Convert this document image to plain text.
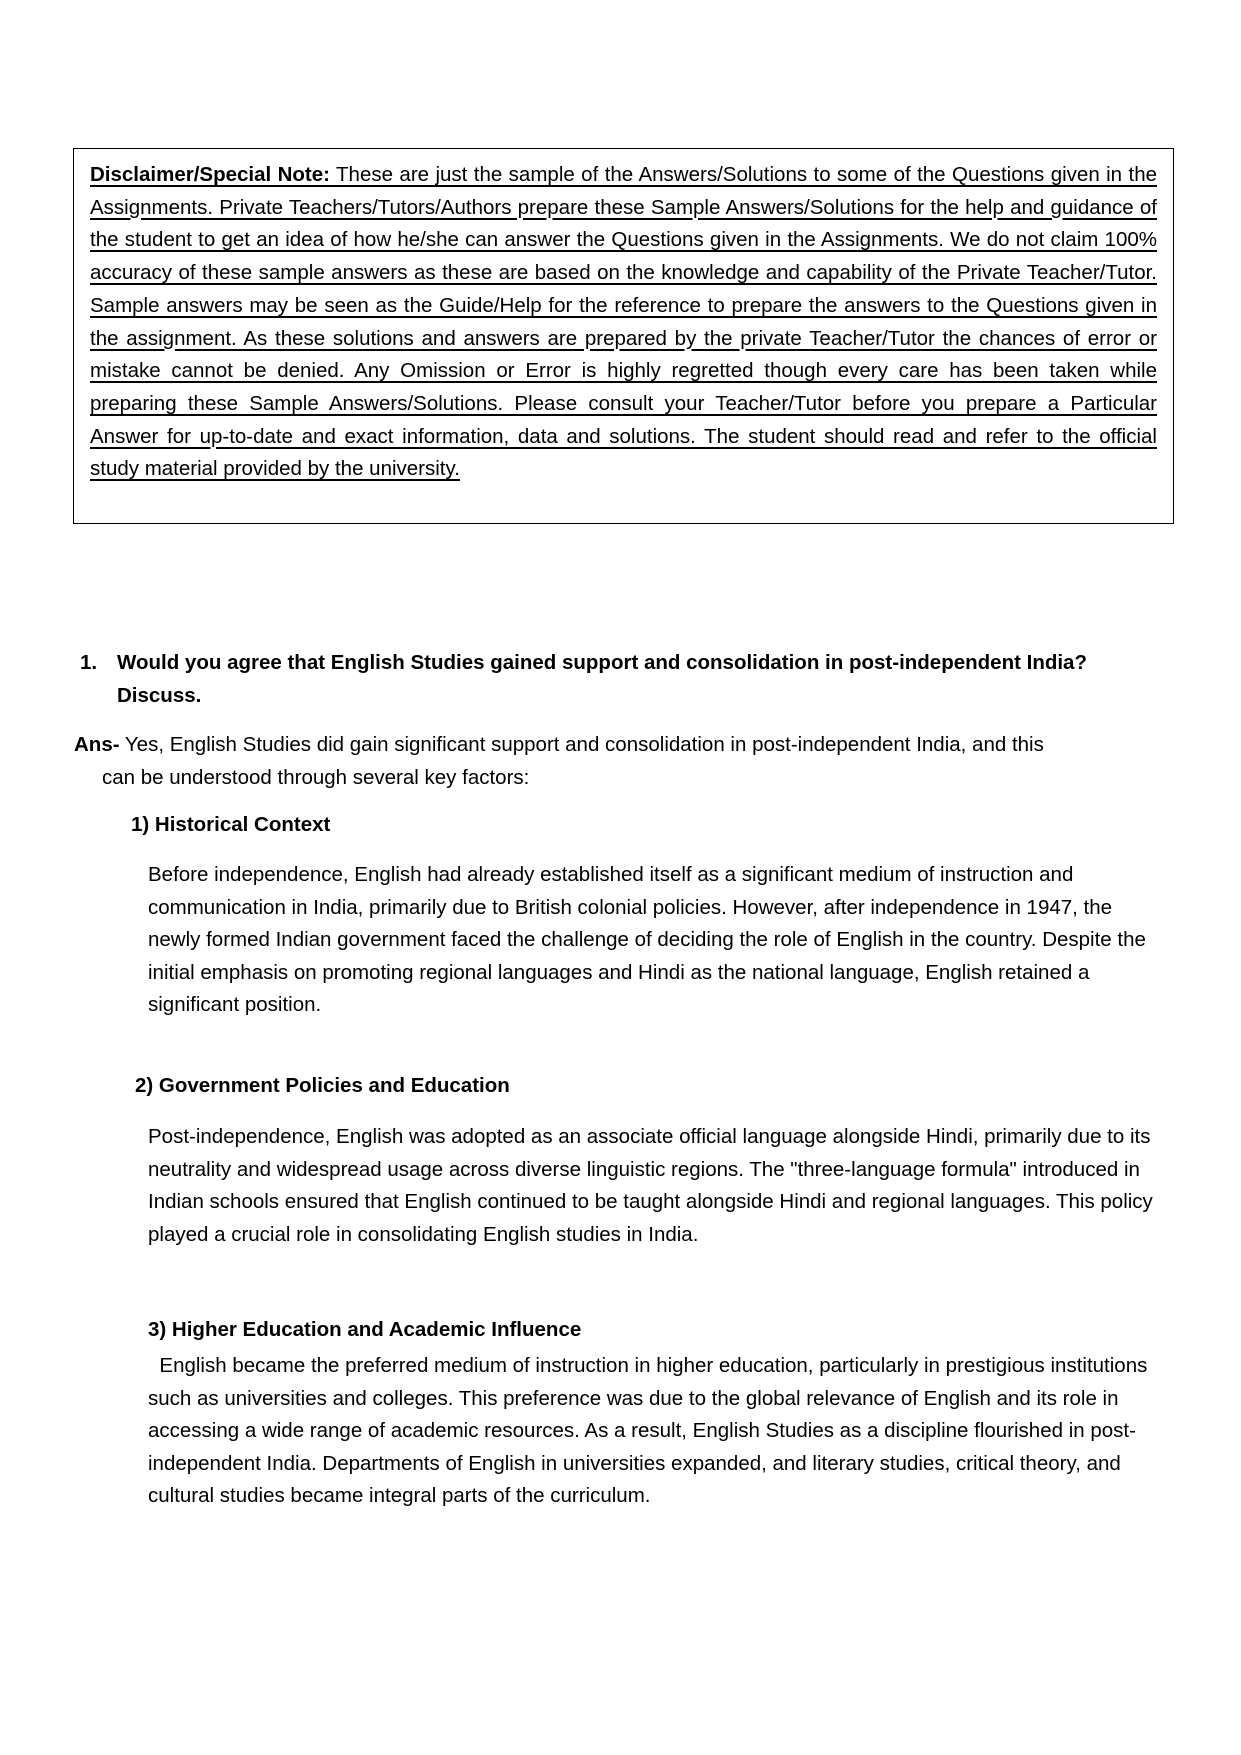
Disclaimer/Special Note: These are just the sample of the Answers/Solutions to some of the Questions given in the Assignments. Private Teachers/Tutors/Authors prepare these Sample Answers/Solutions for the help and guidance of the student to get an idea of how he/she can answer the Questions given in the Assignments. We do not claim 100% accuracy of these sample answers as these are based on the knowledge and capability of the Private Teacher/Tutor. Sample answers may be seen as the Guide/Help for the reference to prepare the answers to the Questions given in the assignment. As these solutions and answers are prepared by the private Teacher/Tutor the chances of error or mistake cannot be denied. Any Omission or Error is highly regretted though every care has been taken while preparing these Sample Answers/Solutions. Please consult your Teacher/Tutor before you prepare a Particular Answer for up-to-date and exact information, data and solutions. The student should read and refer to the official study material provided by the university.
1. Would you agree that English Studies gained support and consolidation in post-independent India?
Discuss.
Ans- Yes, English Studies did gain significant support and consolidation in post-independent India, and this
can be understood through several key factors:
1) Historical Context
Before independence, English had already established itself as a significant medium of instruction and communication in India, primarily due to British colonial policies. However, after independence in 1947, the newly formed Indian government faced the challenge of deciding the role of English in the country. Despite the initial emphasis on promoting regional languages and Hindi as the national language, English retained a significant position.
2) Government Policies and Education
Post-independence, English was adopted as an associate official language alongside Hindi, primarily due to its neutrality and widespread usage across diverse linguistic regions. The "three-language formula" introduced in Indian schools ensured that English continued to be taught alongside Hindi and regional languages. This policy played a crucial role in consolidating English studies in India.
3) Higher Education and Academic Influence
English became the preferred medium of instruction in higher education, particularly in prestigious institutions such as universities and colleges. This preference was due to the global relevance of English and its role in accessing a wide range of academic resources. As a result, English Studies as a discipline flourished in post-independent India. Departments of English in universities expanded, and literary studies, critical theory, and cultural studies became integral parts of the curriculum.
